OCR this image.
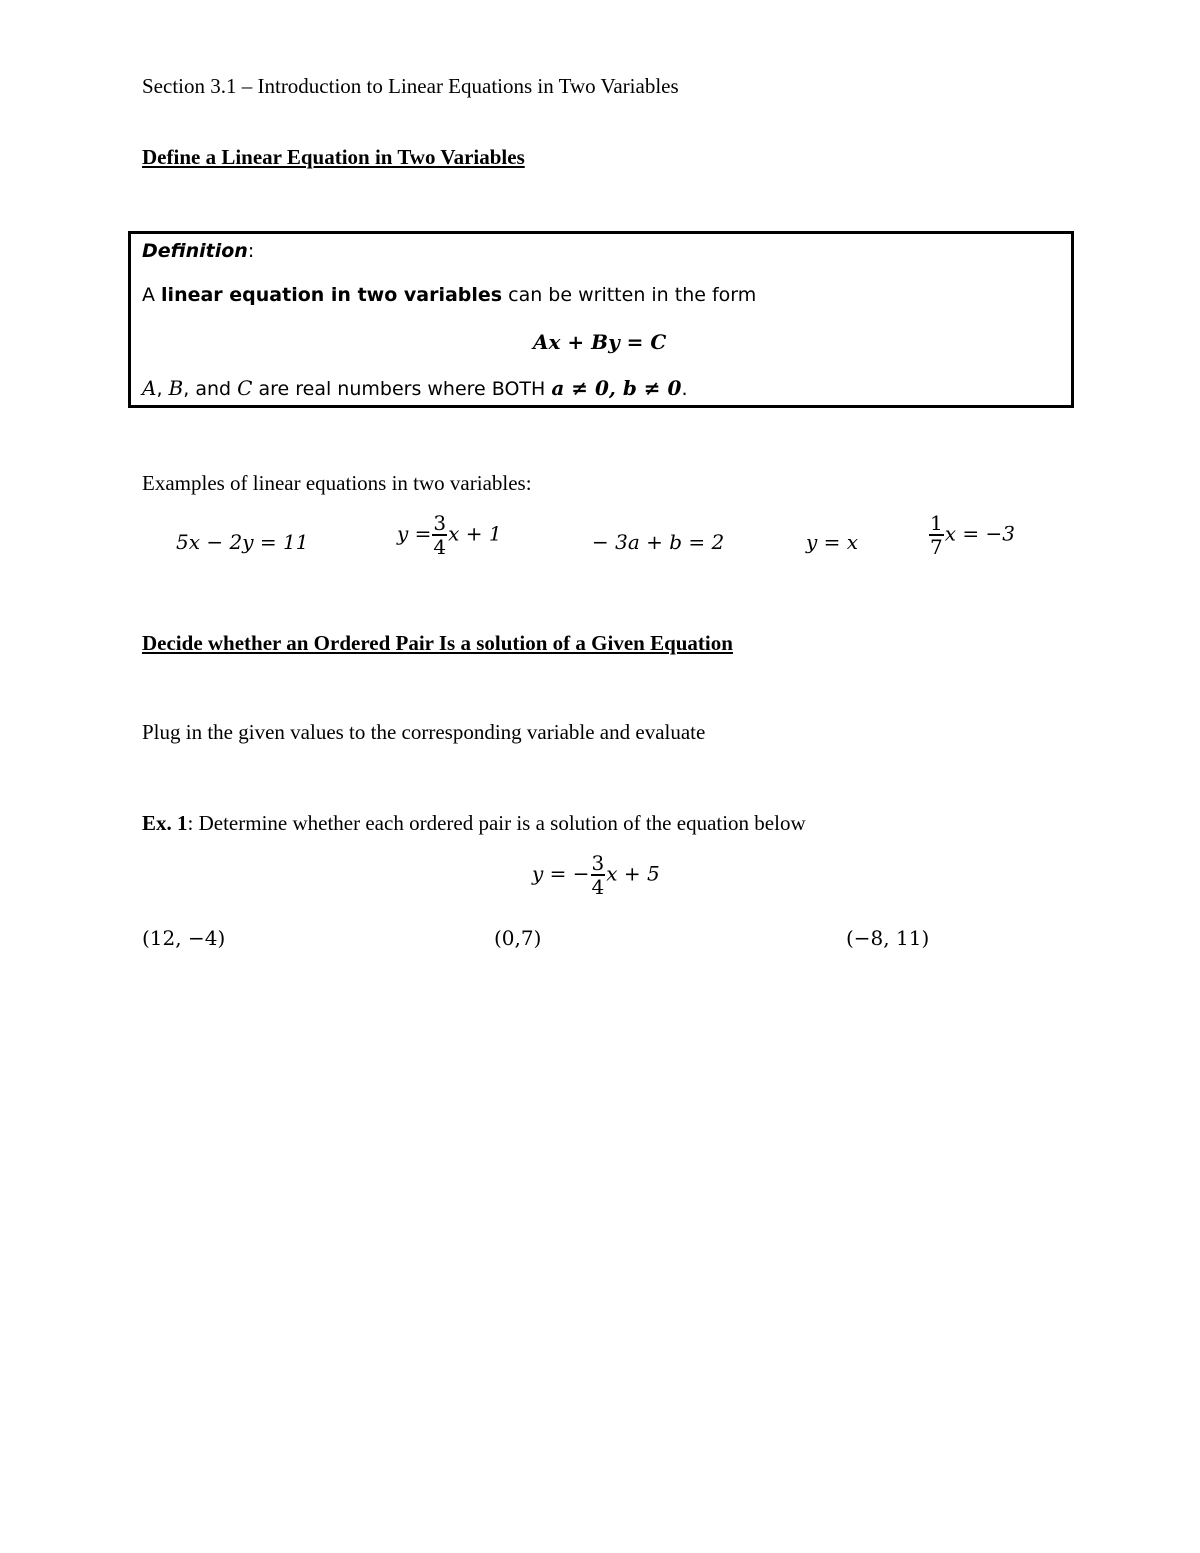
Section 3.1 – Introduction to Linear Equations in Two Variables
Define a Linear Equation in Two Variables
Definition:
A linear equation in two variables can be written in the form
Ax + By = C
A, B, and C are real numbers where BOTH a ≠ 0, b ≠ 0.
Examples of linear equations in two variables:
5x − 2y = 11	$y = \frac{3}{4}$ x + 1	− 3a + b = 2	y = x	$\frac{1}{7}$ x = −3
Decide whether an Ordered Pair Is a solution of a Given Equation
Plug in the given values to the corresponding variable and evaluate
Ex. 1: Determine whether each ordered pair is a solution of the equation below
y = − $\frac{3}{4}$ x + 5
(12, −4)	(0,7)	(−8, 11)
